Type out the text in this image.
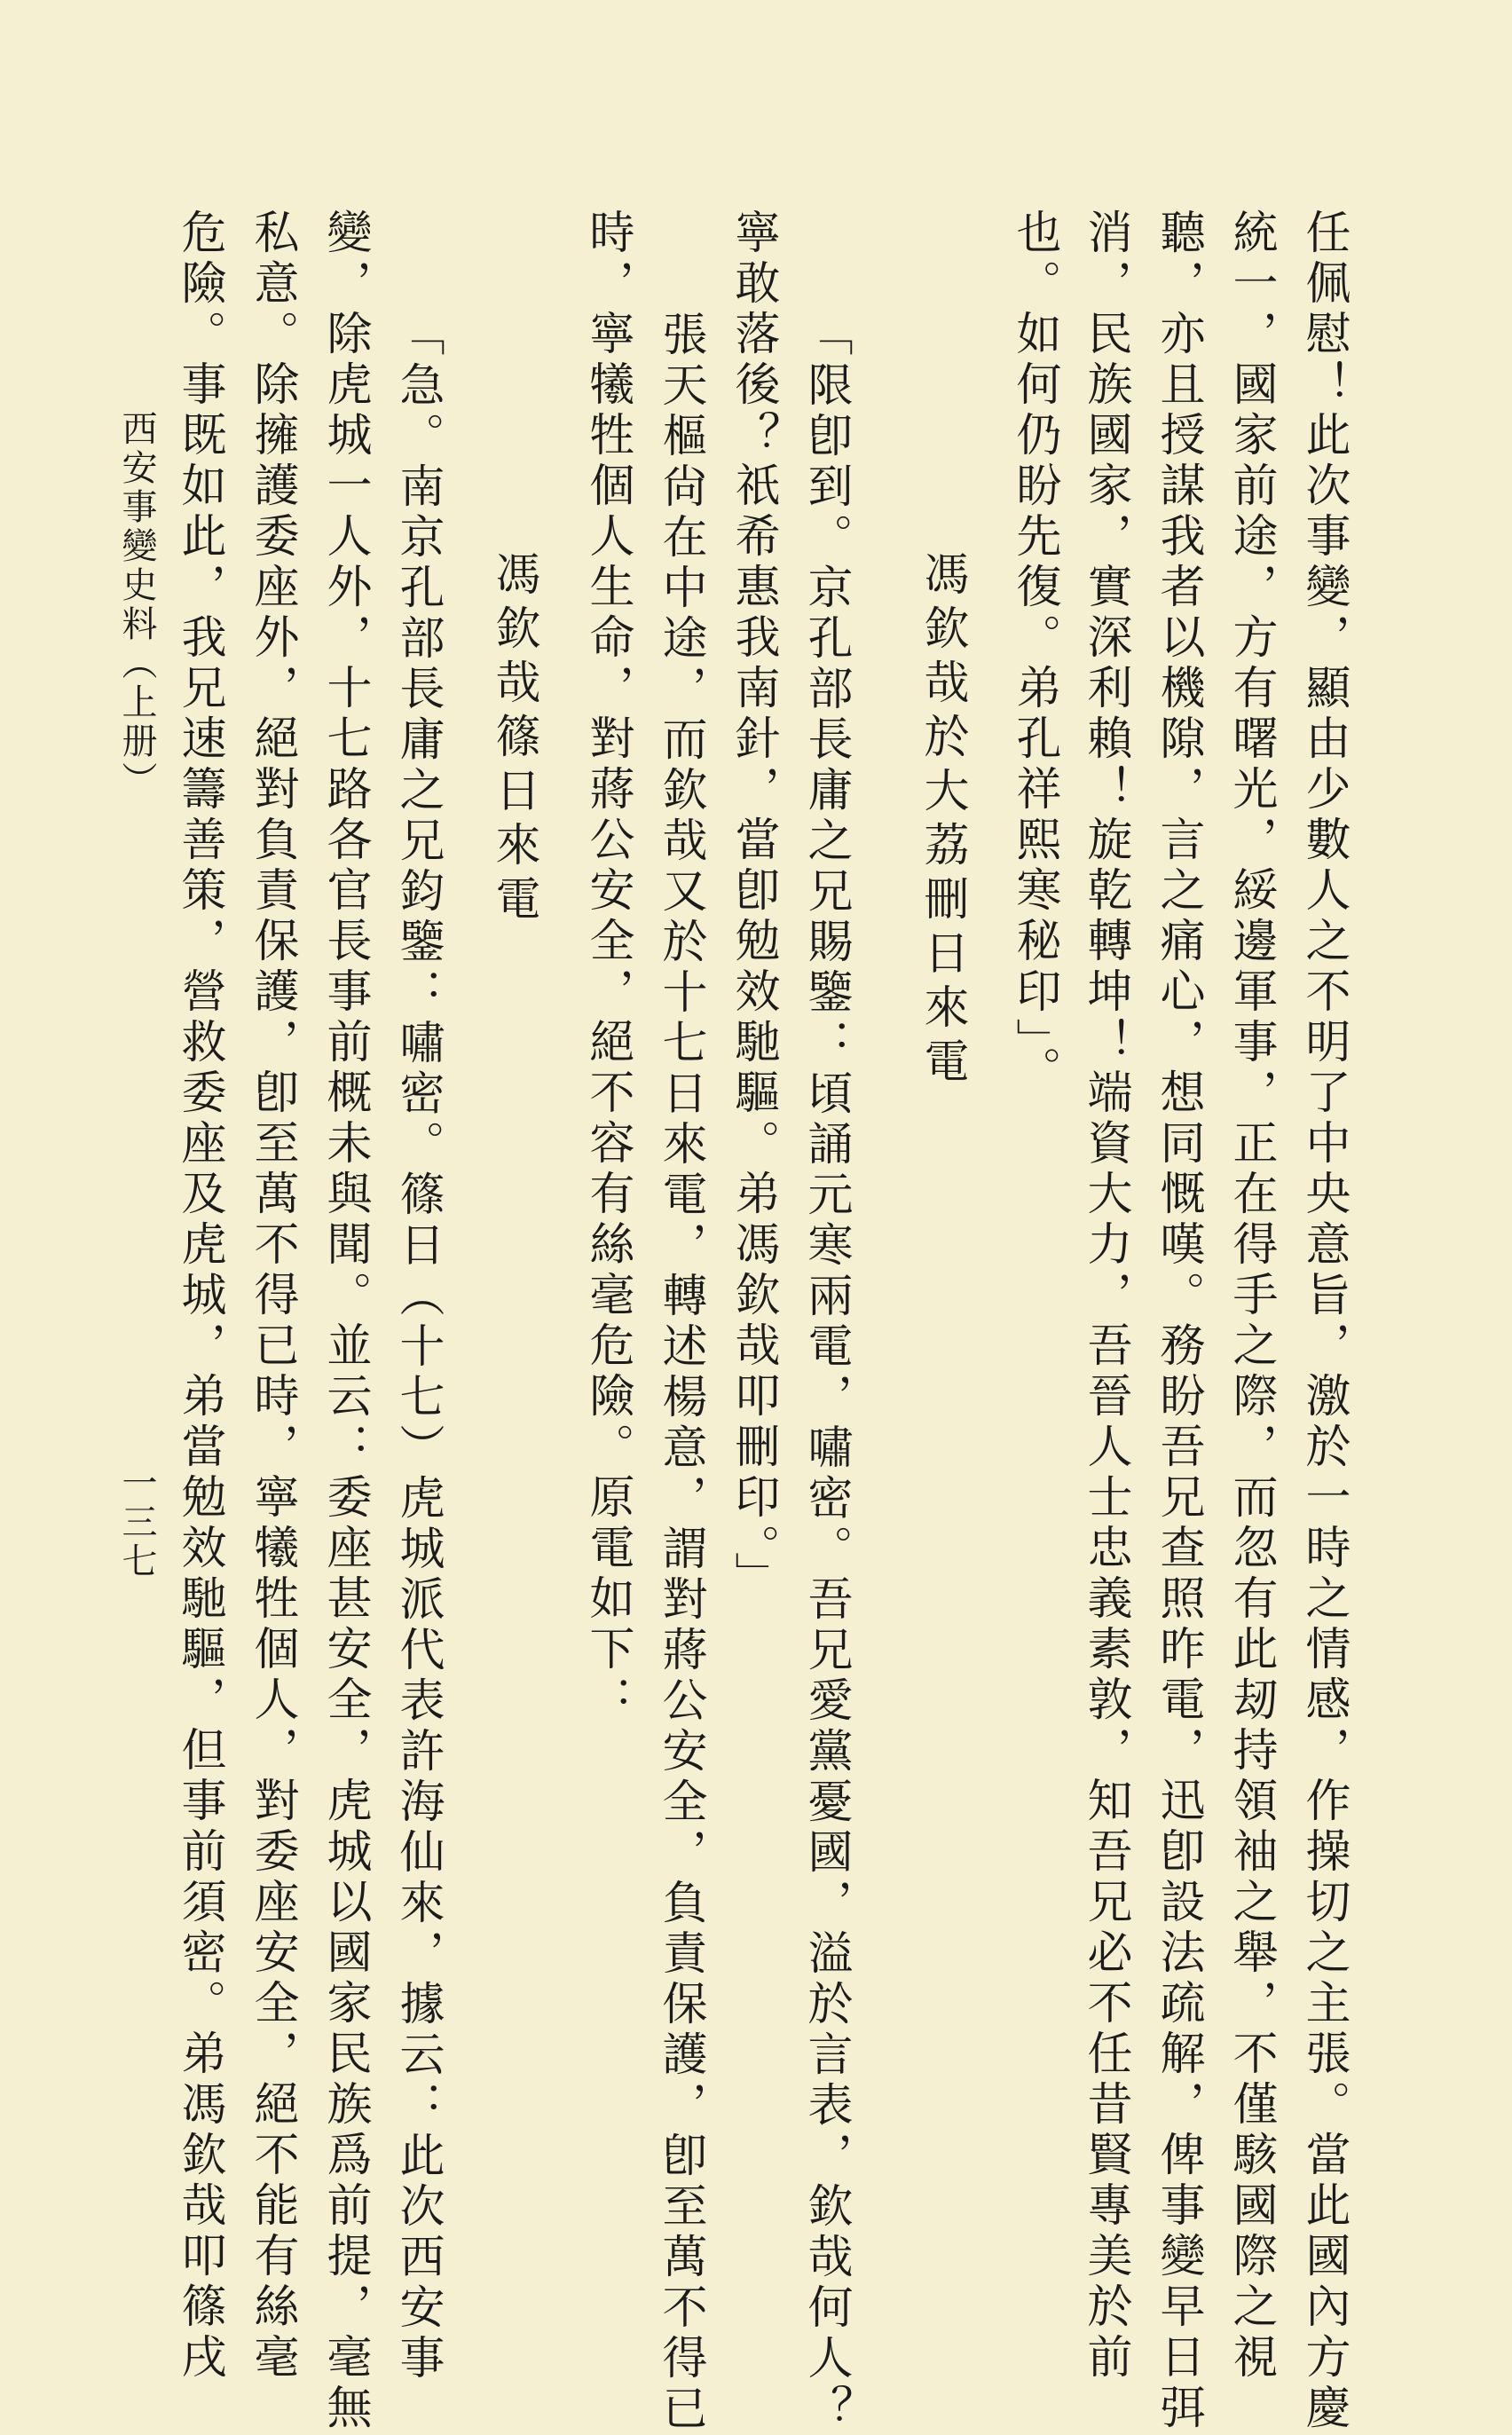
任佩慰！此次事變，顯由少數人之不明了中央意旨，激於一時之情感，作操切之主張。當此國內方慶
統一，國家前途，方有曙光，綏邊軍事，正在得手之際，而忽有此刼持領袖之舉，不僅駭國際之視
聽，亦且授謀我者以機隙，言之痛心，想同慨嘆。務盼吾兄查照昨電，迅卽設法疏解，俾事變早日弭
消，民族國家，實深利賴！旋乾轉坤！端資大力，吾晉人士忠義素敦，知吾兄必不任昔賢專美於前
也。如何仍盼先復。弟孔祥熙寒秘印」。
馮欽哉於大荔刪日來電
「限卽到。京孔部長庸之兄賜鑒：頃誦元寒兩電，嘯密。吾兄愛黨憂國，溢於言表，欽哉何人？
寧敢落後？祇希惠我南針，當卽勉效馳驅。弟馮欽哉叩刪印。」
張天樞尙在中途，而欽哉又於十七日來電，轉述楊意，謂對蔣公安全，負責保護，卽至萬不得已
時，寧犧牲個人生命，對蔣公安全，絕不容有絲毫危險。原電如下：
馮欽哉篠日來電
「急。南京孔部長庸之兄鈞鑒：嘯密。篠日（十七）虎城派代表許海仙來，據云：此次西安事
變，除虎城一人外，十七路各官長事前概未與聞。並云：委座甚安全，虎城以國家民族爲前提，毫無
私意。除擁護委座外，絕對負責保護，卽至萬不得已時，寧犧牲個人，對委座安全，絕不能有絲毫
危險。事既如此，我兄速籌善策，營救委座及虎城，弟當勉效馳驅，但事前須密。弟馮欽哉叩篠戌
西安事變史料（上册）
一三七
